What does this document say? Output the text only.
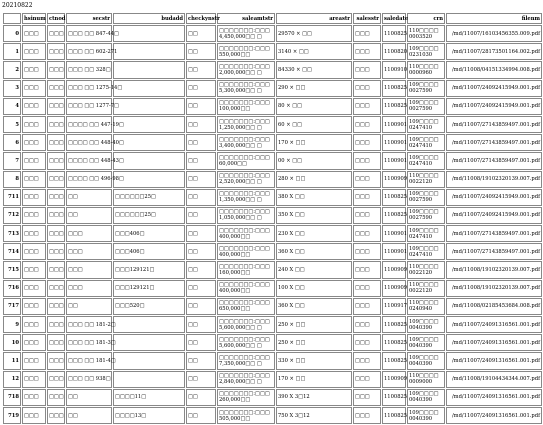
20210822
	hsinum	ctnod	secstr	budadd	checkynstr	saleamtstr	areastr	salesstr	saledate	crn	filenm
0	□□□	□□□	□□□ □□ 847-44□		□□	□□□□□□□:□□□ 4,450,000□□ □	29570 × □□	□□□	1100825	110□□□□ 0003520	/md/11007/16103456355.009.pdf
1	□□□	□□□	□□□ □□ 602-271		□□	□□□□□□□:□□□ 550,000□□	3140 × □□	□□□	1100820	109□□□□ 0231030	/md/11007/28173501164.002.pdf
2	□□□	□□□	□□□ □□ 328□		□□	□□□□□□□:□□□ 2,000,000□□ □	84330 × □□	□□□	1100910	110□□□□ 0000960	/md/11008/04151334994.008.pdf
3	□□□	□□□	□□□ □□ 1275-14□		□□	□□□□□□□:□□□ 5,300,000□□ □	290 × □□	□□□	1100825	109□□□□ 0027590	/md/11007/24092415949.001.pdf
4	□□□	□□□	□□□ □□ 1277-7□		□□	□□□□□□□:□□□ 100,000□□	80 × □□	□□□	1100825	109□□□□ 0027590	/md/11007/24092415949.001.pdf
5	□□□	□□□	□□□□ □□ 447-19□		□□	□□□□□□□:□□□ 1,250,000□□ □	60 × □□	□□□	1100901	109□□□□ 0247410	/md/11007/27143859497.001.pdf
6	□□□	□□□	□□□□ □□ 448-40□		□□	□□□□□□□:□□□ 3,400,000□□ □	170 × □□	□□□	1100901	109□□□□ 0247410	/md/11007/27143859497.001.pdf
7	□□□	□□□	□□□□ □□ 448-43□		□□	□□□□□□□:□□□ 60,000□□	00 × □□	□□□	1100901	109□□□□ 0247410	/md/11007/27143859497.001.pdf
8	□□□	□□□	□□□□ □□ 496-98□		□□	□□□□□□□:□□□ 2,520,000□□ □	280 × □□	□□□	1100909	110□□□□ 0022120	/md/11008/19102320139.007.pdf
711	□□□	□□□	□□	□□□□□□25□	□□	□□□□□□□:□□□ 1,350,000□□ □	380 X □□	□□□	1100825	109□□□□ 0027590	/md/11007/24092415949.001.pdf
712	□□□	□□□	□□	□□□□□□25□	□□	□□□□□□□:□□□ 1,050,000□□ □	350 X □□	□□□	1100825	109□□□□ 0027590	/md/11007/24092415949.001.pdf
713	□□□	□□□	□□□	□□□406□	□□	□□□□□□□:□□□ 400,000□□	230 X □□	□□□	1100901	109□□□□ 0247410	/md/11007/27143859497.001.pdf
714	□□□	□□□	□□□	□□□406□	□□	□□□□□□□:□□□ 400,000□□	360 X □□	□□□	1100901	109□□□□ 0247410	/md/11007/27143859497.001.pdf
715	□□□	□□□	□□□	□□□129121□	□□	□□□□□□□:□□□ 160,000□□	240 X □□	□□□	1100909	110□□□□ 0022120	/md/11008/19102320139.007.pdf
716	□□□	□□□	□□□	□□□129121□	□□	□□□□□□□:□□□ 400,000□□	100 X □□	□□□	1100909	110□□□□ 0022120	/md/11008/19102320139.007.pdf
717	□□□	□□□	□□	□□□520□	□□	□□□□□□□:□□□ 650,000□□	360 X □□	□□□	1100917	110□□□□ 0240940	/md/11008/02185453684.008.pdf
9	□□□	□□□	□□□ □□ 181-2□		□□	□□□□□□□:□□□ 5,600,000□□ □	250 × □□	□□□	1100825	109□□□□ 0040390	/md/11007/24091316561.001.pdf
10	□□□	□□□	□□□ □□ 181-3□		□□	□□□□□□□:□□□ 5,600,000□□ □	250 × □□	□□□	1100825	109□□□□ 0040390	/md/11007/24091316561.001.pdf
11	□□□	□□□	□□□ □□ 181-4□		□□	□□□□□□□:□□□ 7,350,000□□ □	330 × □□	□□□	1100825	109□□□□ 0040390	/md/11007/24091316561.001.pdf
12	□□□	□□□	□□□ □□ 938□		□□	□□□□□□□:□□□ 2,840,000□□ □	170 × □□	□□□	1100909	110□□□□ 0009000	/md/11008/19104434344.007.pdf
718	□□□	□□□	□□	□□□□11□	□□	□□□□□□□:□□□ 260,000□□	390 X 3□12	□□□	1100825	109□□□□ 0040390	/md/11007/24091316561.001.pdf
719	□□□	□□□	□□	□□□□13□	□□	□□□□□□□:□□□ 505,000□□	750 X 3□12	□□□	1100825	109□□□□ 0040390	/md/11007/24091316561.001.pdf
